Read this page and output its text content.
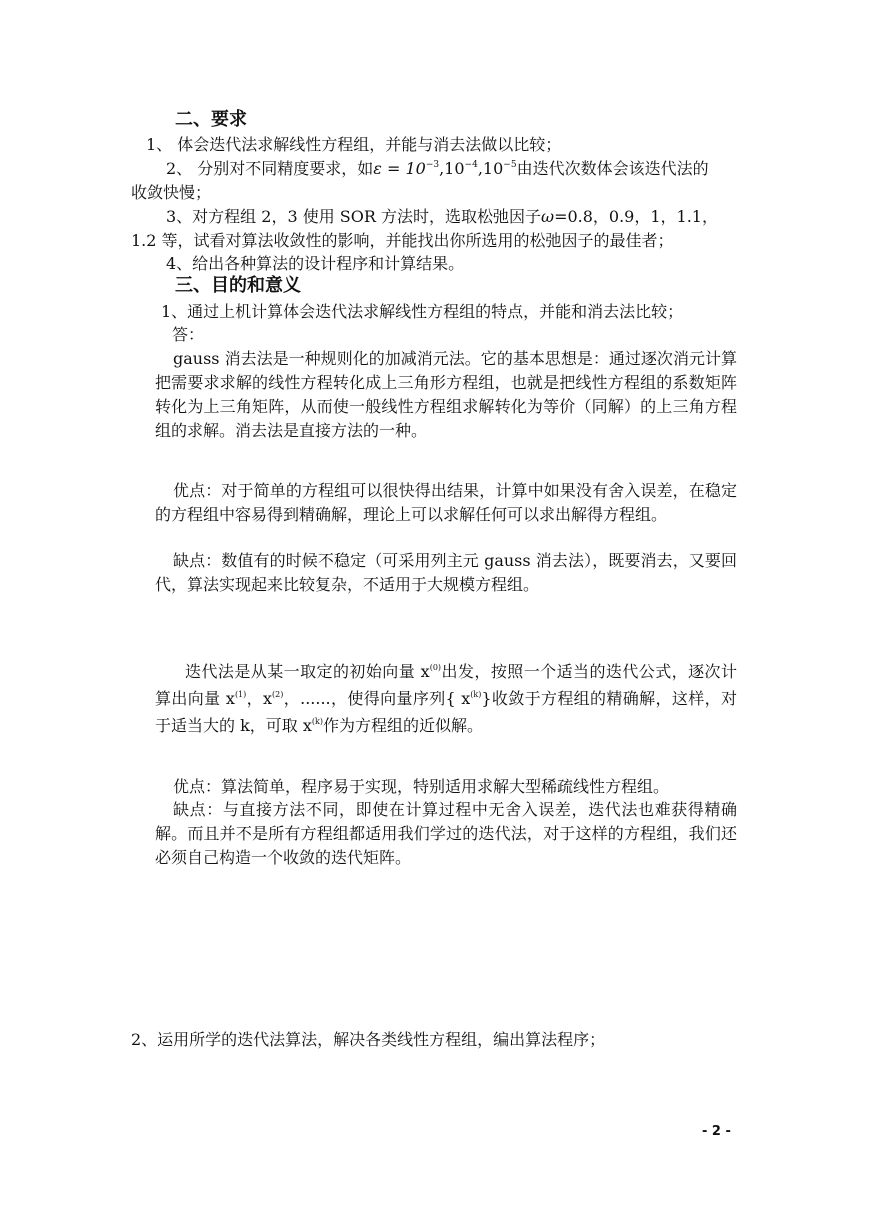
二、要求
1、 体会迭代法求解线性方程组，并能与消去法做以比较；
2、 分别对不同精度要求，如$\varepsilon = 10^{-3},10^{-4},10^{-5}$由迭代次数体会该迭代法的
收敛快慢；
3、对方程组 2，3 使用 SOR 方法时，选取松弛因子ω=0.8，0.9，1，1.1，
1.2 等，试看对算法收敛性的影响，并能找出你所选用的松弛因子的最佳者；
4、给出各种算法的设计程序和计算结果。
三、目的和意义
1、通过上机计算体会迭代法求解线性方程组的特点，并能和消去法比较；
答：
gauss 消去法是一种规则化的加减消元法。它的基本思想是：通过逐次消元计算把需要求求解的线性方程转化成上三角形方程组，也就是把线性方程组的系数矩阵转化为上三角矩阵，从而使一般线性方程组求解转化为等价（同解）的上三角方程组的求解。消去法是直接方法的一种。
优点：对于简单的方程组可以很快得出结果，计算中如果没有舍入误差，在稳定的方程组中容易得到精确解，理论上可以求解任何可以求出解得方程组。
缺点：数值有的时候不稳定（可采用列主元 gauss 消去法），既要消去，又要回代，算法实现起来比较复杂，不适用于大规模方程组。
迭代法是从某一取定的初始向量 $x^{(0)}$出发，按照一个适当的迭代公式，逐次计算出向量 $x^{(1)}$，$x^{(2)}$，......，使得向量序列{ $x^{(k)}$}收敛于方程组的精确解，这样，对于适当大的 k，可取 $x^{(k)}$作为方程组的近似解。
优点：算法简单，程序易于实现，特别适用求解大型稀疏线性方程组。
缺点：与直接方法不同，即使在计算过程中无舍入误差，迭代法也难获得精确解。而且并不是所有方程组都适用我们学过的迭代法，对于这样的方程组，我们还必须自己构造一个收敛的迭代矩阵。
2、运用所学的迭代法算法，解决各类线性方程组，编出算法程序；
- 2 -
